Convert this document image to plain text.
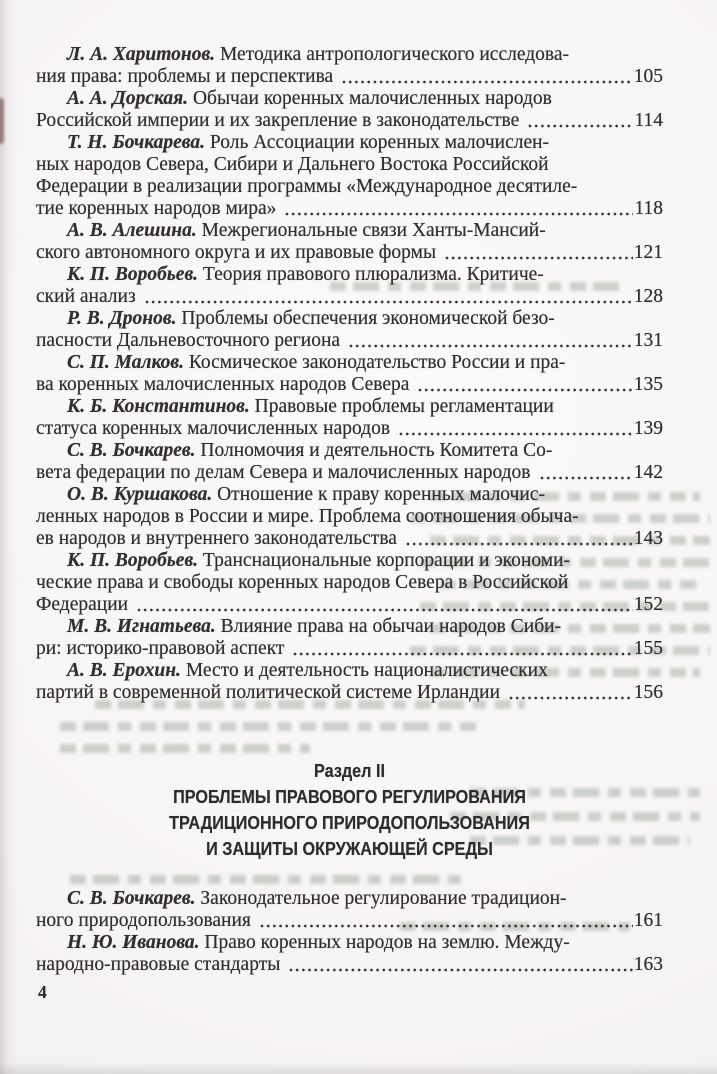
Л. А. Харитонов. Методика антропологического исследова-
ния права: проблемы и перспектива	105

А. А. Дорская. Обычаи коренных малочисленных народов
Российской империи и их закрепление в законодательстве	114

Т. Н. Бочкарева. Роль Ассоциации коренных малочислен-
ных народов Севера, Сибири и Дальнего Востока Российской
Федерации в реализации программы «Международное десятиле-
тие коренных народов мира»	118

А. В. Алешина. Межрегиональные связи Ханты-Мансий-
ского автономного округа и их правовые формы	121

К. П. Воробьев. Теория правового плюрализма. Критиче-
ский анализ	128

Р. В. Дронов. Проблемы обеспечения экономической безо-
пасности Дальневосточного региона	131

С. П. Малков. Космическое законодательство России и пра-
ва коренных малочисленных народов Севера	135

К. Б. Константинов. Правовые проблемы регламентации
статуса коренных малочисленных народов	139

С. В. Бочкарев. Полномочия и деятельность Комитета Со-
вета федерации по делам Севера и малочисленных народов	142

О. В. Куршакова. Отношение к праву коренных малочис-
ленных народов в России и мире. Проблема соотношения обыча-
ев народов и внутреннего законодательства	143

К. П. Воробьев. Транснациональные корпорации и экономи-
ческие права и свободы коренных народов Севера в Российской
Федерации	152

М. В. Игнатьева. Влияние права на обычаи народов Сиби-
ри: историко-правовой аспект	155

А. В. Ерохин. Место и деятельность националистических
партий в современной политической системе Ирландии	156

Раздел II
ПРОБЛЕМЫ ПРАВОВОГО РЕГУЛИРОВАНИЯ
ТРАДИЦИОННОГО ПРИРОДОПОЛЬЗОВАНИЯ
И ЗАЩИТЫ ОКРУЖАЮЩЕЙ СРЕДЫ

С. В. Бочкарев. Законодательное регулирование традицион-
ного природопользования	161

Н. Ю. Иванова. Право коренных народов на землю. Между-
народно-правовые стандарты	163

4
